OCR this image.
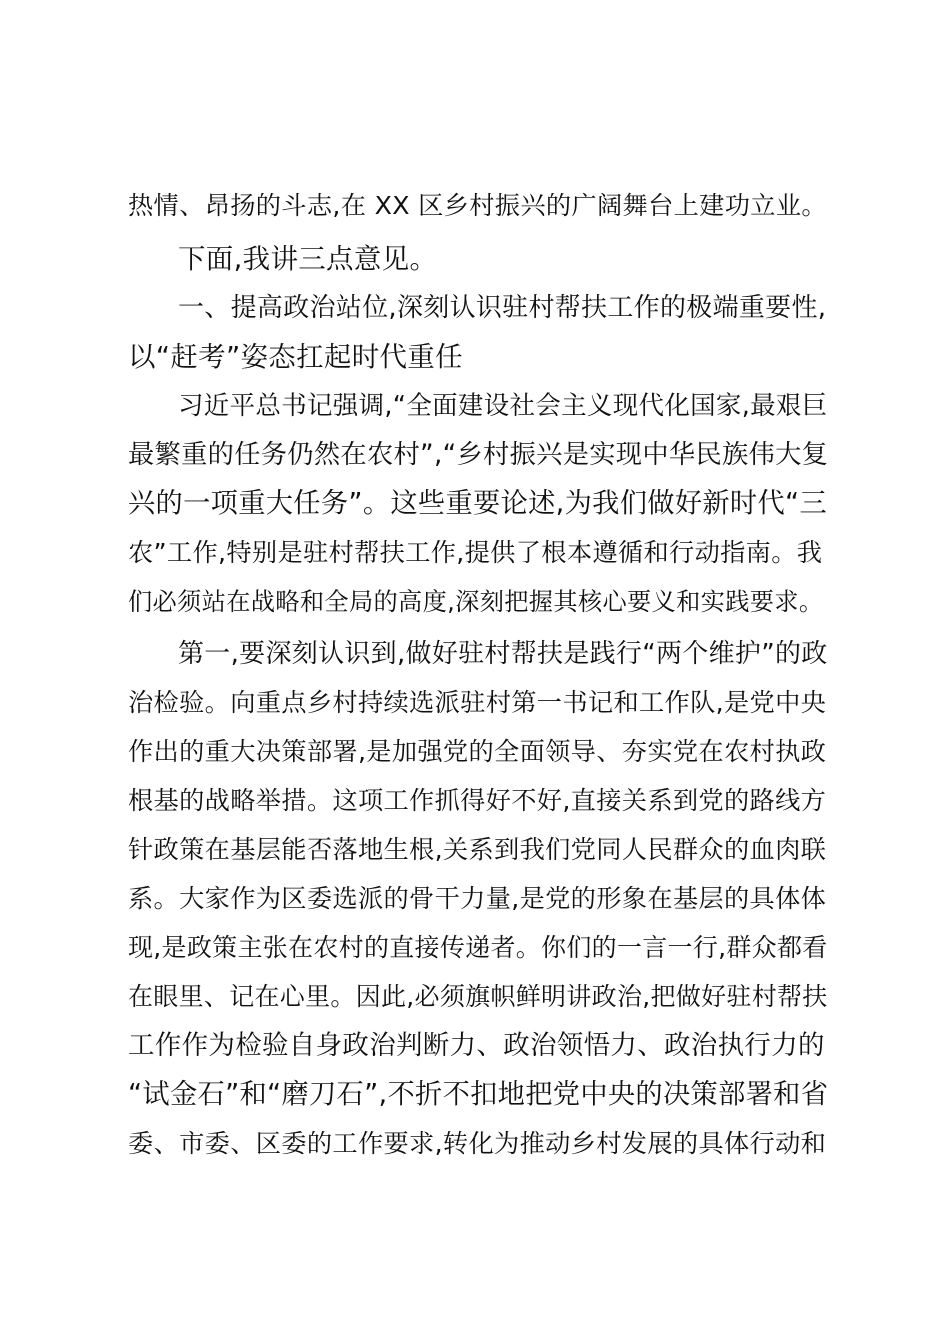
热情、昂扬的斗志,在 XX 区乡村振兴的广阔舞台上建功立业。
下面,我讲三点意见。
一、提高政治站位,深刻认识驻村帮扶工作的极端重要性,
以“赶考”姿态扛起时代重任
习近平总书记强调,“全面建设社会主义现代化国家,最艰巨
最繁重的任务仍然在农村”,“乡村振兴是实现中华民族伟大复
兴的一项重大任务”。这些重要论述,为我们做好新时代“三
农”工作,特别是驻村帮扶工作,提供了根本遵循和行动指南。我
们必须站在战略和全局的高度,深刻把握其核心要义和实践要求。
第一,要深刻认识到,做好驻村帮扶是践行“两个维护”的政
治检验。向重点乡村持续选派驻村第一书记和工作队,是党中央
作出的重大决策部署,是加强党的全面领导、夯实党在农村执政
根基的战略举措。这项工作抓得好不好,直接关系到党的路线方
针政策在基层能否落地生根,关系到我们党同人民群众的血肉联
系。大家作为区委选派的骨干力量,是党的形象在基层的具体体
现,是政策主张在农村的直接传递者。你们的一言一行,群众都看
在眼里、记在心里。因此,必须旗帜鲜明讲政治,把做好驻村帮扶
工作作为检验自身政治判断力、政治领悟力、政治执行力的
“试金石”和“磨刀石”,不折不扣地把党中央的决策部署和省
委、市委、区委的工作要求,转化为推动乡村发展的具体行动和
